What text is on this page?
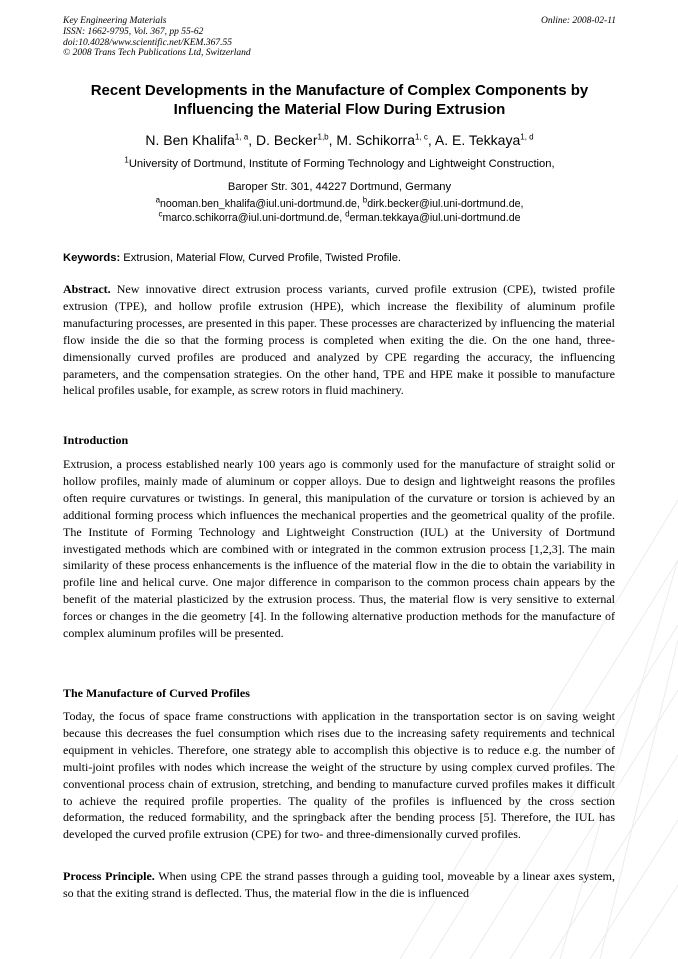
Key Engineering Materials
ISSN: 1662-9795, Vol. 367, pp 55-62
doi:10.4028/www.scientific.net/KEM.367.55
© 2008 Trans Tech Publications Ltd, Switzerland
Online: 2008-02-11
Recent Developments in the Manufacture of Complex Components by
Influencing the Material Flow During Extrusion
N. Ben Khalifa$^{1, a}$, D. Becker$^{1,b}$, M. Schikorra$^{1, c}$, A. E. Tekkaya$^{1, d}$
$^1$University of Dortmund, Institute of Forming Technology and Lightweight Construction,
Baroper Str. 301, 44227 Dortmund, Germany
$^a$nooman.ben_khalifa@iul.uni-dortmund.de, $^b$dirk.becker@iul.uni-dortmund.de,
$^c$marco.schikorra@iul.uni-dortmund.de, $^d$erman.tekkaya@iul.uni-dortmund.de
Keywords: Extrusion, Material Flow, Curved Profile, Twisted Profile.
Abstract. New innovative direct extrusion process variants, curved profile extrusion (CPE), twisted profile extrusion (TPE), and hollow profile extrusion (HPE), which increase the flexibility of aluminum profile manufacturing processes, are presented in this paper. These processes are characterized by influencing the material flow inside the die so that the forming process is completed when exiting the die. On the one hand, three-dimensionally curved profiles are produced and analyzed by CPE regarding the accuracy, the influencing parameters, and the compensation strategies. On the other hand, TPE and HPE make it possible to manufacture helical profiles usable, for example, as screw rotors in fluid machinery.
Introduction
Extrusion, a process established nearly 100 years ago is commonly used for the manufacture of straight solid or hollow profiles, mainly made of aluminum or copper alloys. Due to design and lightweight reasons the profiles often require curvatures or twistings. In general, this manipulation of the curvature or torsion is achieved by an additional forming process which influences the mechanical properties and the geometrical quality of the profile. The Institute of Forming Technology and Lightweight Construction (IUL) at the University of Dortmund investigated methods which are combined with or integrated in the common extrusion process [1,2,3]. The main similarity of these process enhancements is the influence of the material flow in the die to obtain the variability in profile line and helical curve. One major difference in comparison to the common process chain appears by the benefit of the material plasticized by the extrusion process. Thus, the material flow is very sensitive to external forces or changes in the die geometry [4]. In the following alternative production methods for the manufacture of complex aluminum profiles will be presented.
The Manufacture of Curved Profiles
Today, the focus of space frame constructions with application in the transportation sector is on saving weight because this decreases the fuel consumption which rises due to the increasing safety requirements and technical equipment in vehicles. Therefore, one strategy able to accomplish this objective is to reduce e.g. the number of multi-joint profiles with nodes which increase the weight of the structure by using complex curved profiles. The conventional process chain of extrusion, stretching, and bending to manufacture curved profiles makes it difficult to achieve the required profile properties. The quality of the profiles is influenced by the cross section deformation, the reduced formability, and the springback after the bending process [5]. Therefore, the IUL has developed the curved profile extrusion (CPE) for two- and three-dimensionally curved profiles.
Process Principle. When using CPE the strand passes through a guiding tool, moveable by a linear axes system, so that the exiting strand is deflected. Thus, the material flow in the die is influenced
